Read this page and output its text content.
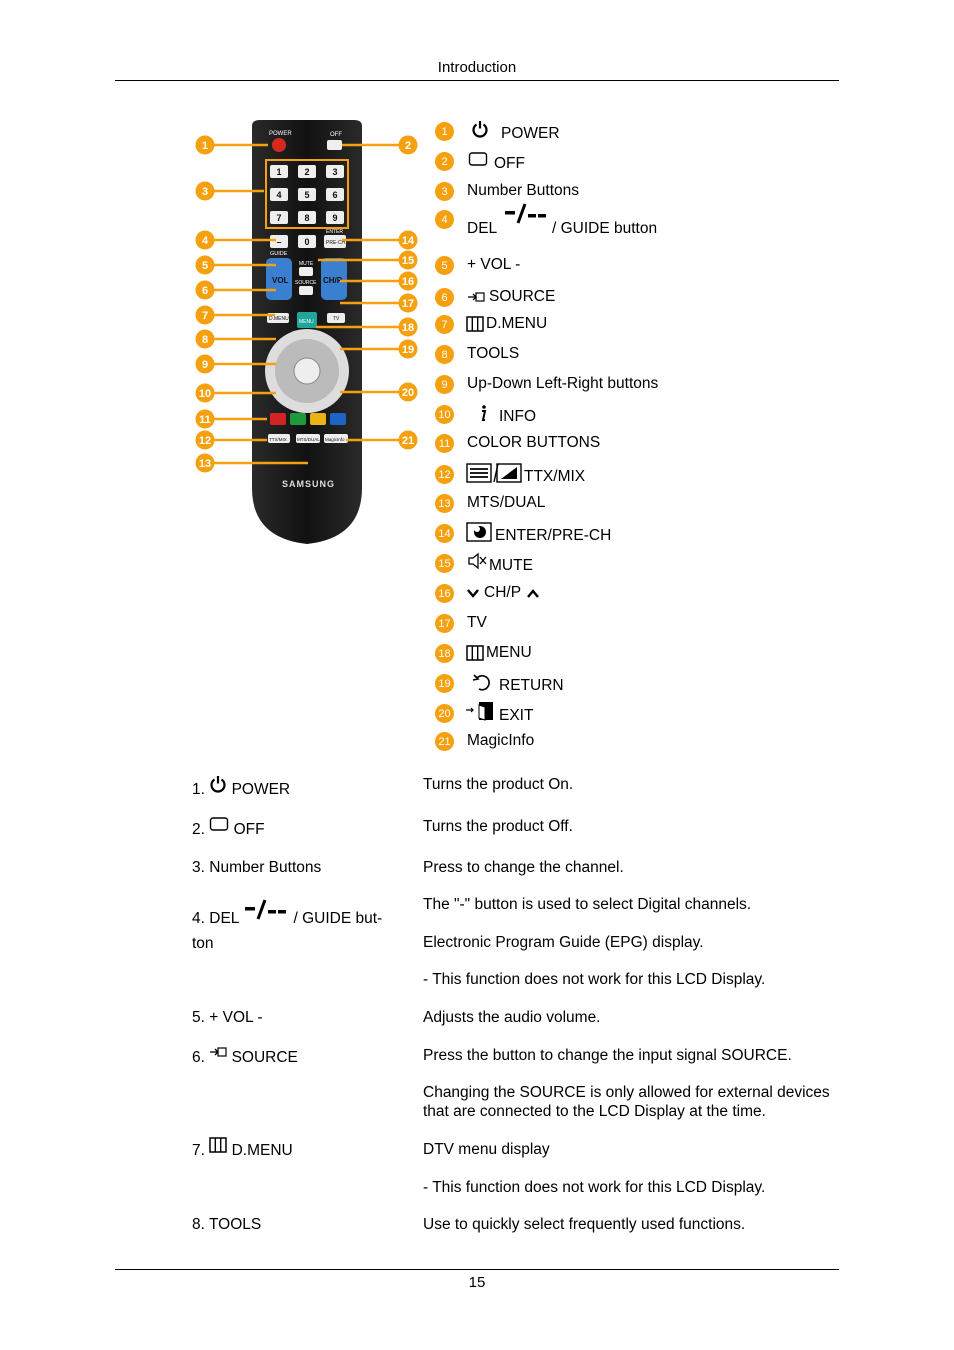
Introduction
POWER	OFF
1	2	3
4	5	6
7	8	9
–	0
GUIDE
ENTER
PRE-CH
VOL	CH/P
MUTE
SOURCE
D.MENU MENU	TV
TTX/MIX MTS/DUAL MagicInfo
SAMSUNG
1	2
3
4
5
6
7
8
9
10
11
12
13
14
15
16
17
18
19
20
21
1	POWER
2	OFF
3	Number Buttons
4
DEL	/ GUIDE button
5	+ VOL -
6	SOURCE
7	D.MENU
8	TOOLS
9	Up-Down Left-Right buttons
10	INFO
11 COLOR BUTTONS
12	TTX/MIX
13 MTS/DUAL
14	ENTER/PRE-CH
15 MUTE
16 CH/P
17 TV
18 MENU
19	RETURN
20	EXIT
21 MagicInfo
1. POWER	Turns the product On.
2. OFF	Turns the product Off.
3. Number Buttons	Press to change the channel.
4. DEL	/ GUIDE but-
ton
The "-" button is used to select Digital channels.
Electronic Program Guide (EPG) display.
- This function does not work for this LCD Display.
5. + VOL -	Adjusts the audio volume.
6. SOURCE	Press the button to change the input signal SOURCE.
Changing the SOURCE is only allowed for external devices
that are connected to the LCD Display at the time.
7. D.MENU	DTV menu display
- This function does not work for this LCD Display.
8. TOOLS	Use to quickly select frequently used functions.
15
